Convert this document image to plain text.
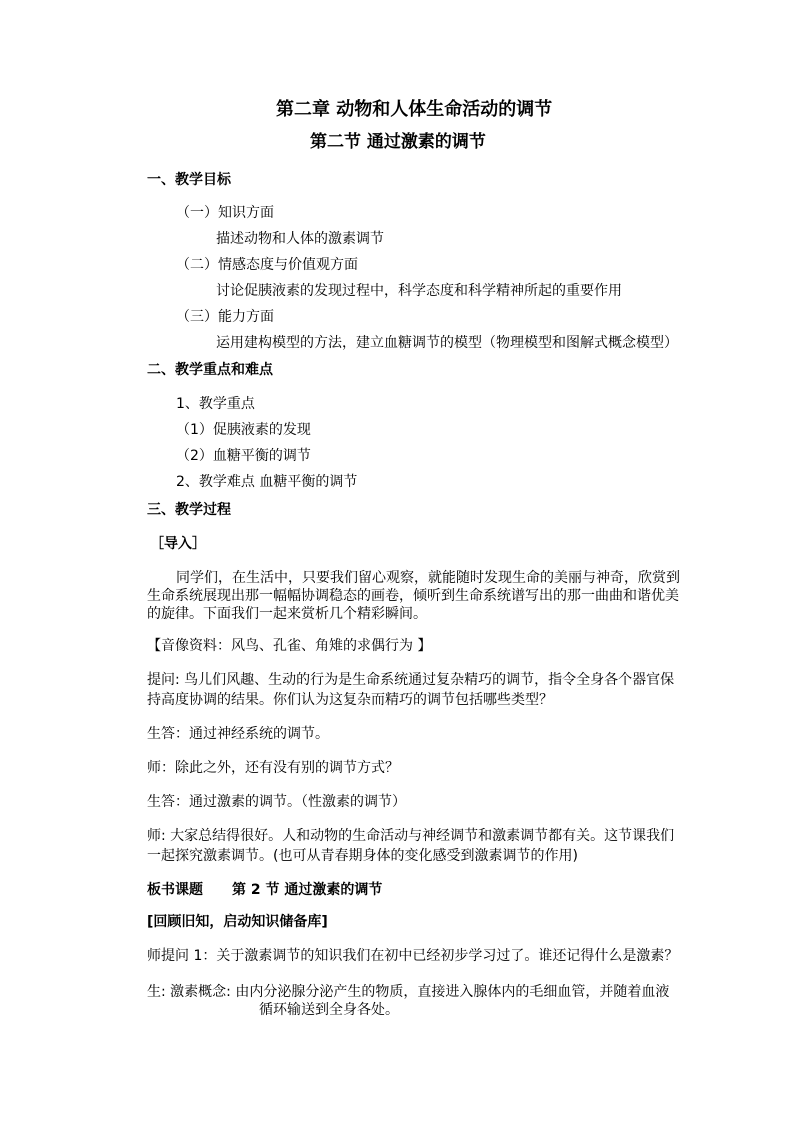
第二章 动物和人体生命活动的调节
第二节 通过激素的调节
一、教学目标
（一）知识方面
描述动物和人体的激素调节
（二）情感态度与价值观方面
讨论促胰液素的发现过程中，科学态度和科学精神所起的重要作用
（三）能力方面
运用建构模型的方法，建立血糖调节的模型（物理模型和图解式概念模型）
二、教学重点和难点
1、教学重点
（1）促胰液素的发现
（2）血糖平衡的调节
2、教学难点 血糖平衡的调节
三、教学过程
［导入］
同学们，在生活中，只要我们留心观察，就能随时发现生命的美丽与神奇，欣赏到
生命系统展现出那一幅幅协调稳态的画卷，倾听到生命系统谱写出的那一曲曲和谐优美
的旋律。下面我们一起来赏析几个精彩瞬间。
【音像资料：风鸟、孔雀、角雉的求偶行为 】
提问: 鸟儿们风趣、生动的行为是生命系统通过复杂精巧的调节，指令全身各个器官保
持高度协调的结果。你们认为这复杂而精巧的调节包括哪些类型？
生答：通过神经系统的调节。
师：除此之外，还有没有别的调节方式？
生答：通过激素的调节。（性激素的调节）
师: 大家总结得很好。人和动物的生命活动与神经调节和激素调节都有关。这节课我们
一起探究激素调节。(也可从青春期身体的变化感受到激素调节的作用)
板书课题 第 2 节 通过激素的调节
[回顾旧知，启动知识储备库]
师提问 1：关于激素调节的知识我们在初中已经初步学习过了。谁还记得什么是激素？
生: 激素概念: 由内分泌腺分泌产生的物质，直接进入腺体内的毛细血管，并随着血液
循环输送到全身各处。
